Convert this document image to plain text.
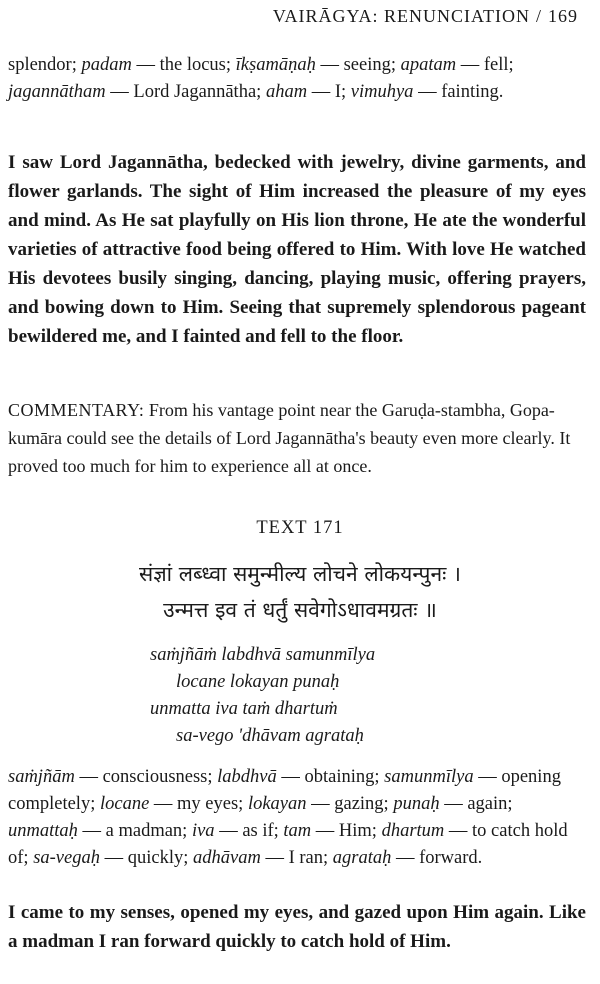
VAIRĀGYA: RENUNCIATION / 169
splendor; padam — the locus; īkṣamāṇaḥ — seeing; apatam — fell; jagannātham — Lord Jagannātha; aham — I; vimuhya — fainting.
I saw Lord Jagannātha, bedecked with jewelry, divine garments, and flower garlands. The sight of Him increased the pleasure of my eyes and mind. As He sat playfully on His lion throne, He ate the wonderful varieties of attractive food being offered to Him. With love He watched His devotees busily singing, dancing, playing music, offering prayers, and bowing down to Him. Seeing that supremely splendorous pageant bewildered me, and I fainted and fell to the floor.
COMMENTARY: From his vantage point near the Garuḍa-stambha, Gopa-kumāra could see the details of Lord Jagannātha's beauty even more clearly. It proved too much for him to experience all at once.
TEXT 171
संज्ञां लब्ध्वा समुन्मील्य लोचने लोकयन्पुनः ।
उन्मत्त इव तं धर्तुं सवेगोऽधावमग्रतः ॥
saṁjñāṁ labdhvā samunmīlya
locane lokayan punaḥ
unmatta iva taṁ dhartuṁ
sa-vego 'dhāvam agrataḥ
saṁjñām — consciousness; labdhvā — obtaining; samunmīlya — opening completely; locane — my eyes; lokayan — gazing; punaḥ — again; unmattaḥ — a madman; iva — as if; tam — Him; dhartum — to catch hold of; sa-vegaḥ — quickly; adhāvam — I ran; agrataḥ — forward.
I came to my senses, opened my eyes, and gazed upon Him again. Like a madman I ran forward quickly to catch hold of Him.
